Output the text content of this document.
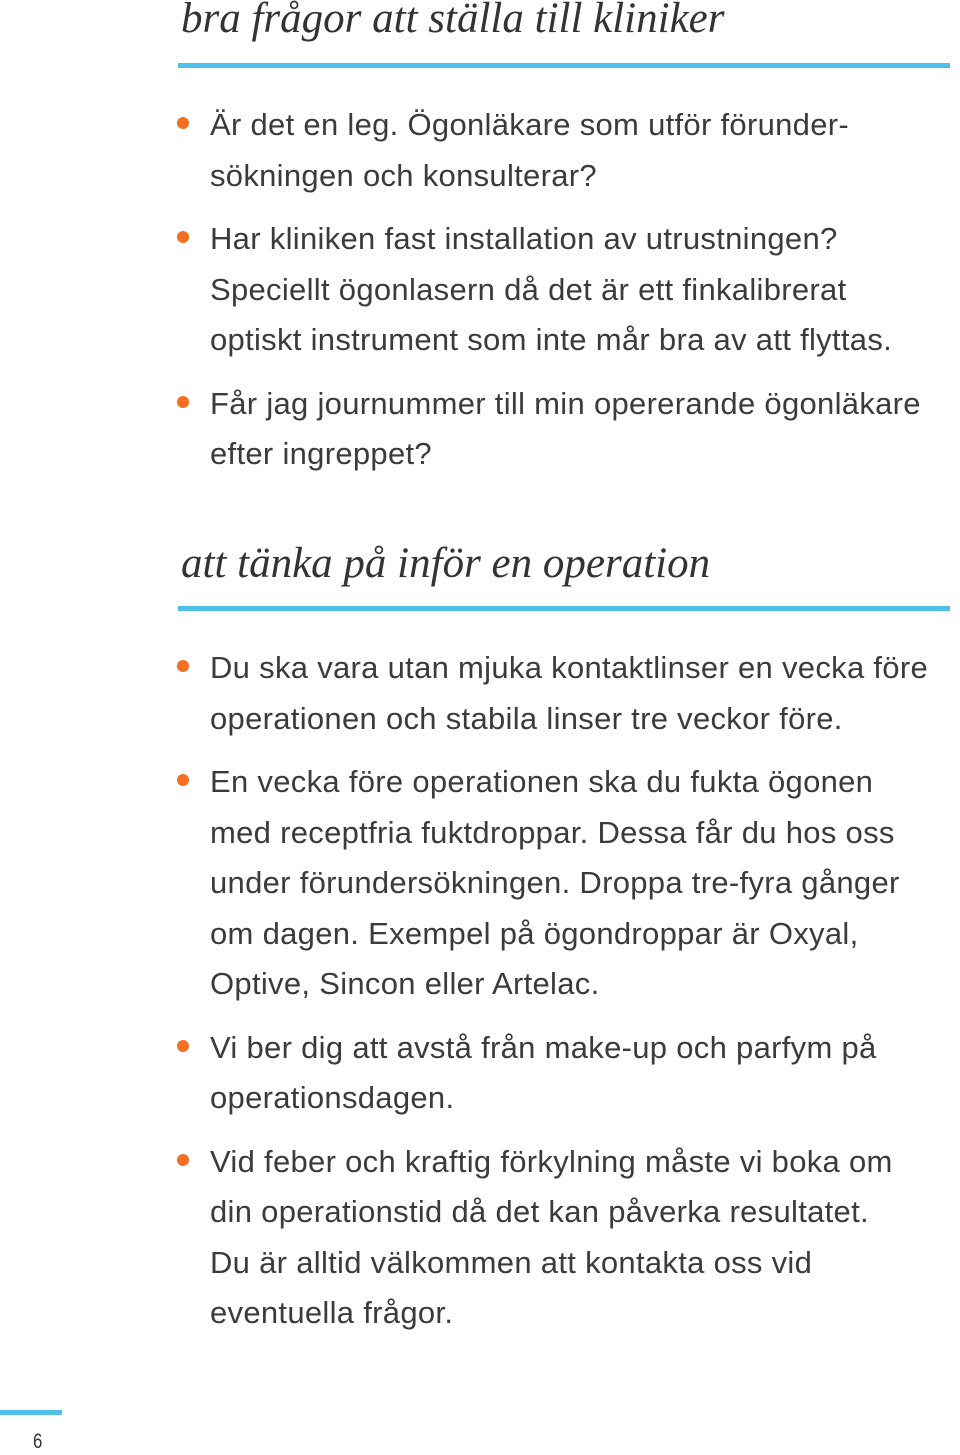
bra frågor att ställa till kliniker
Är det en leg. Ögonläkare som utför förunder-
sökningen och konsulterar?
Har kliniken fast installation av utrustningen?
Speciellt ögonlasern då det är ett finkalibrerat
optiskt instrument som inte mår bra av att flyttas.
Får jag journummer till min opererande ögonläkare
efter ingreppet?
att tänka på inför en operation
Du ska vara utan mjuka kontaktlinser en vecka före
operationen och stabila linser tre veckor före.
En vecka före operationen ska du fukta ögonen
med receptfria fuktdroppar. Dessa får du hos oss
under förundersökningen. Droppa tre-fyra gånger
om dagen. Exempel på ögondroppar är Oxyal,
Optive, Sincon eller Artelac.
Vi ber dig att avstå från make-up och parfym på
operationsdagen.
Vid feber och kraftig förkylning måste vi boka om
din operationstid då det kan påverka resultatet.
Du är alltid välkommen att kontakta oss vid
eventuella frågor.
6
